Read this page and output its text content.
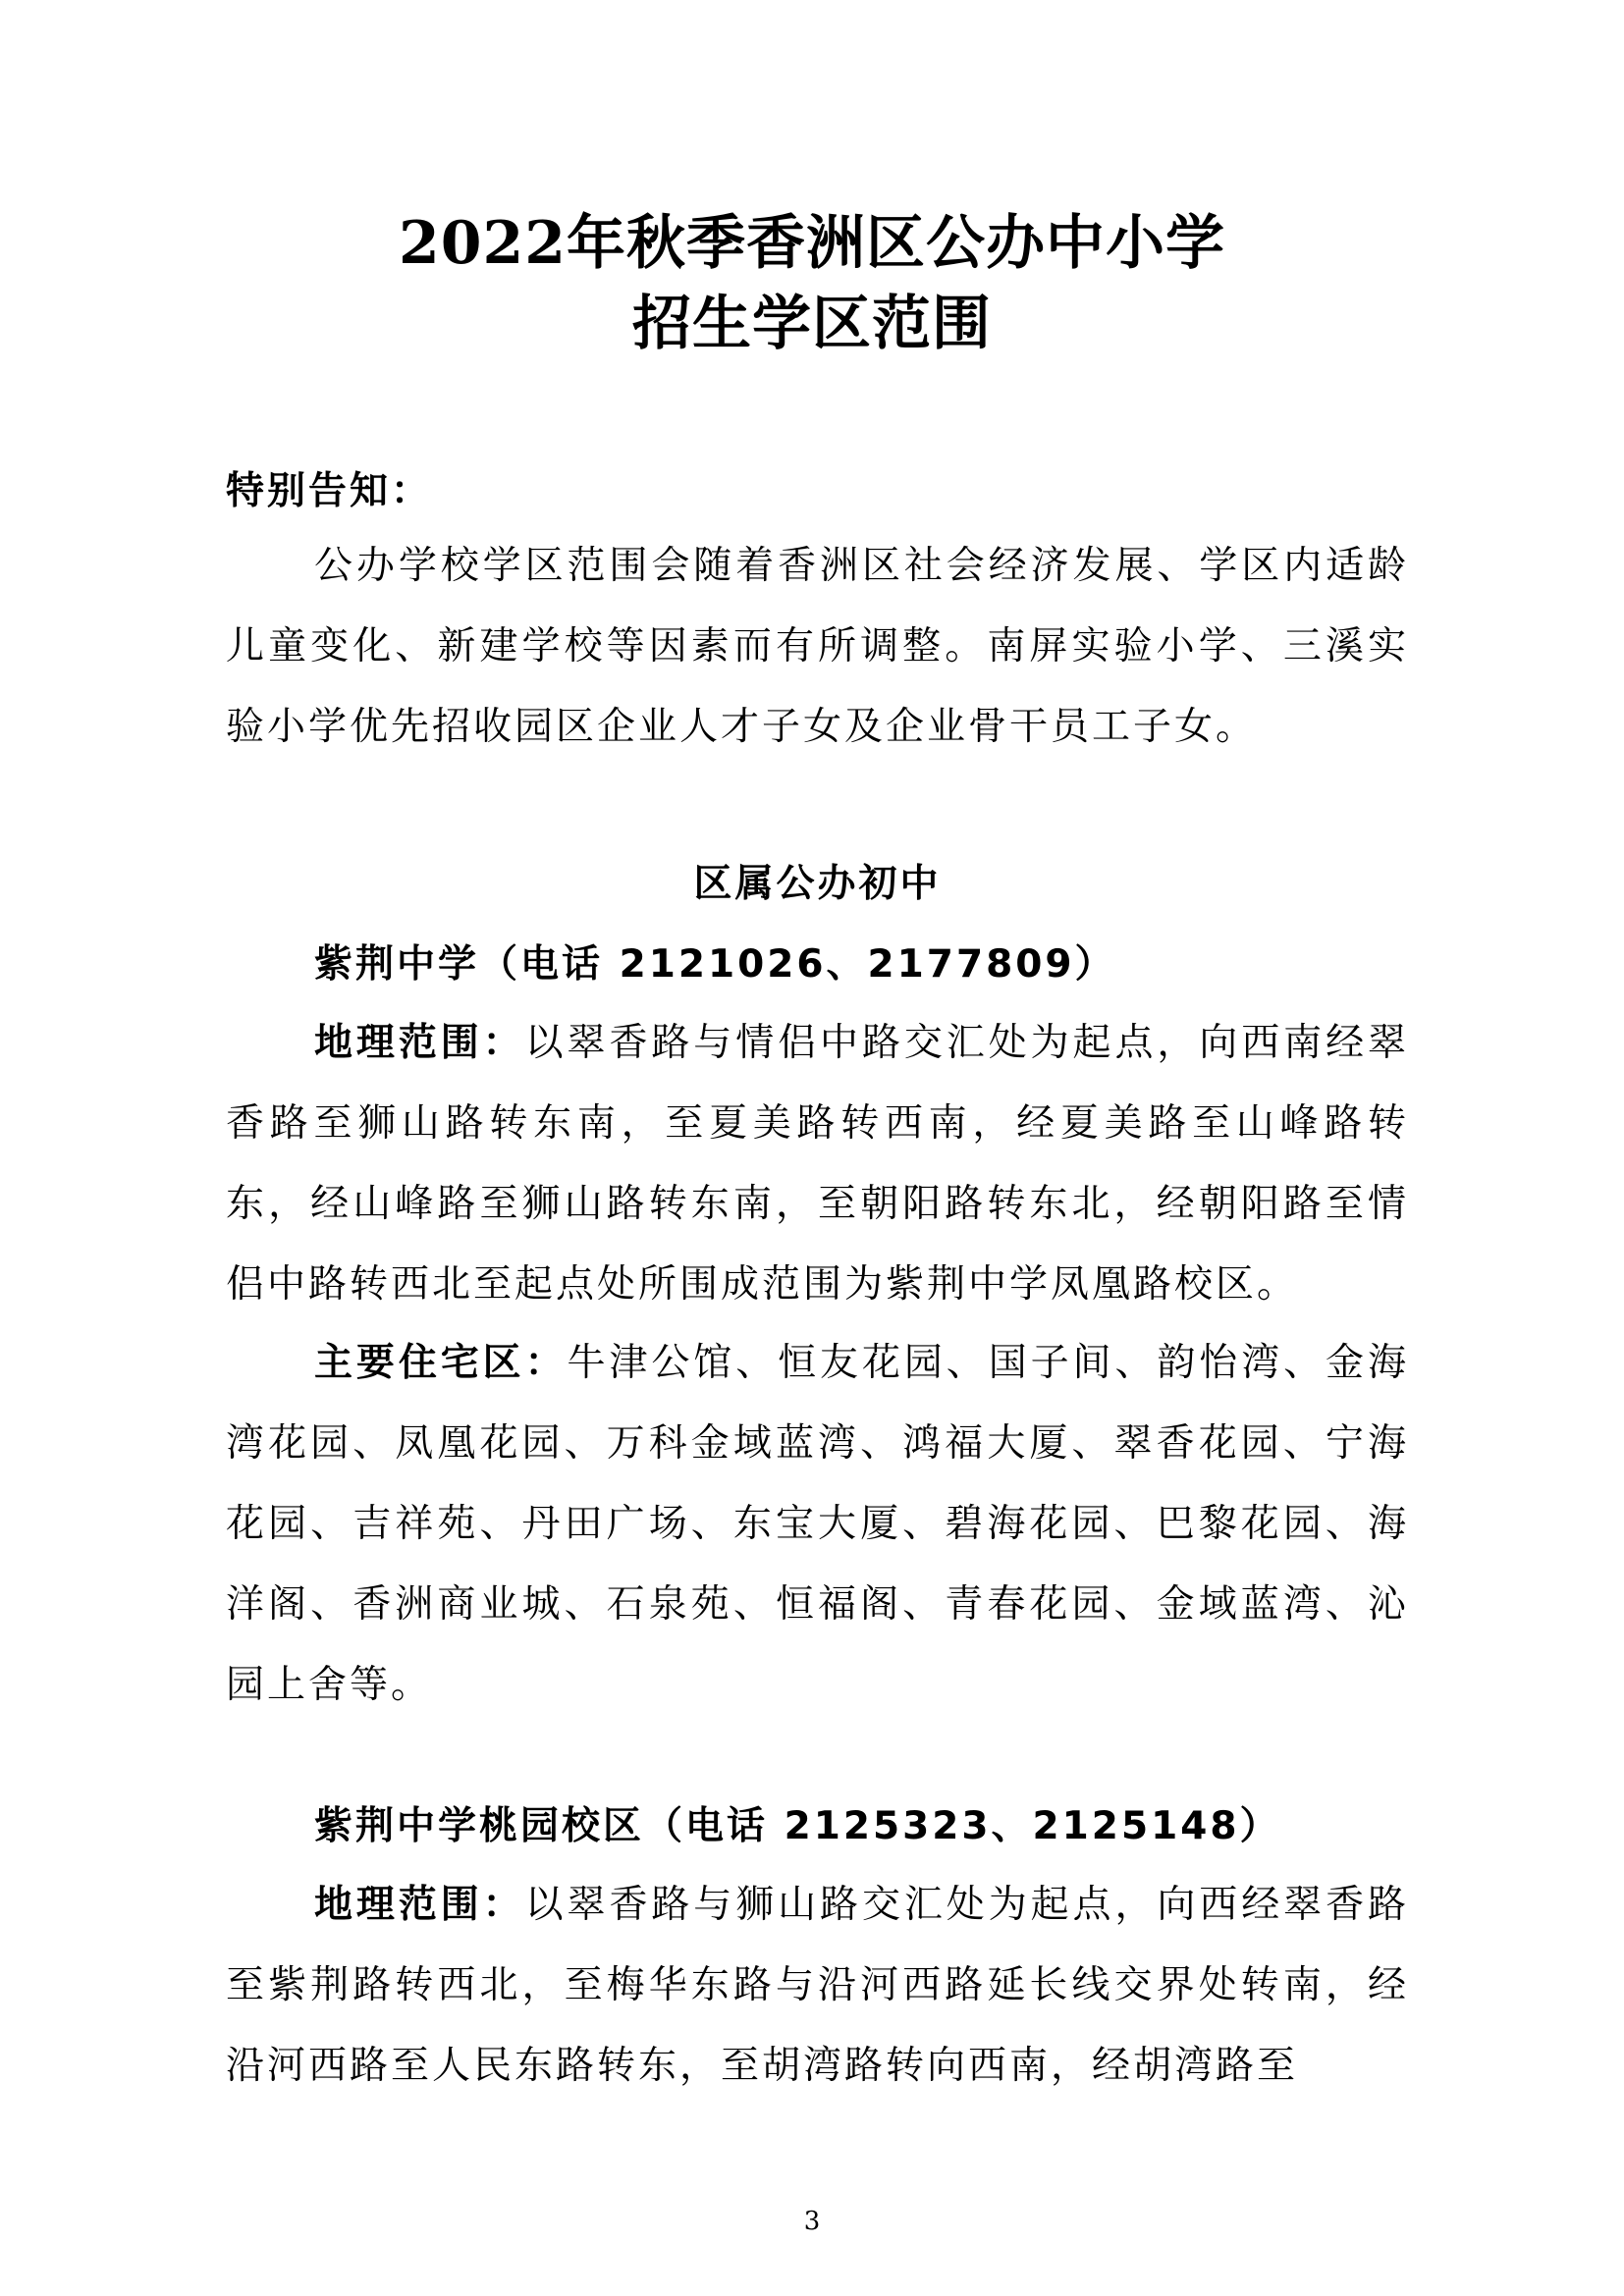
2022年秋季香洲区公办中小学
招生学区范围
特别告知：
公办学校学区范围会随着香洲区社会经济发展、学区内适龄儿童变化、新建学校等因素而有所调整。南屏实验小学、三溪实验小学优先招收园区企业人才子女及企业骨干员工子女。
区属公办初中
紫荆中学（电话 2121026、2177809）
地理范围：以翠香路与情侣中路交汇处为起点，向西南经翠香路至狮山路转东南，至夏美路转西南，经夏美路至山峰路转东，经山峰路至狮山路转东南，至朝阳路转东北，经朝阳路至情侣中路转西北至起点处所围成范围为紫荆中学凤凰路校区。
主要住宅区：牛津公馆、恒友花园、国子间、韵怡湾、金海湾花园、凤凰花园、万科金域蓝湾、鸿福大厦、翠香花园、宁海花园、吉祥苑、丹田广场、东宝大厦、碧海花园、巴黎花园、海洋阁、香洲商业城、石泉苑、恒福阁、青春花园、金域蓝湾、沁园上舍等。
紫荆中学桃园校区（电话 2125323、2125148）
地理范围：以翠香路与狮山路交汇处为起点，向西经翠香路至紫荆路转西北，至梅华东路与沿河西路延长线交界处转南，经沿河西路至人民东路转东，至胡湾路转向西南，经胡湾路至
3
